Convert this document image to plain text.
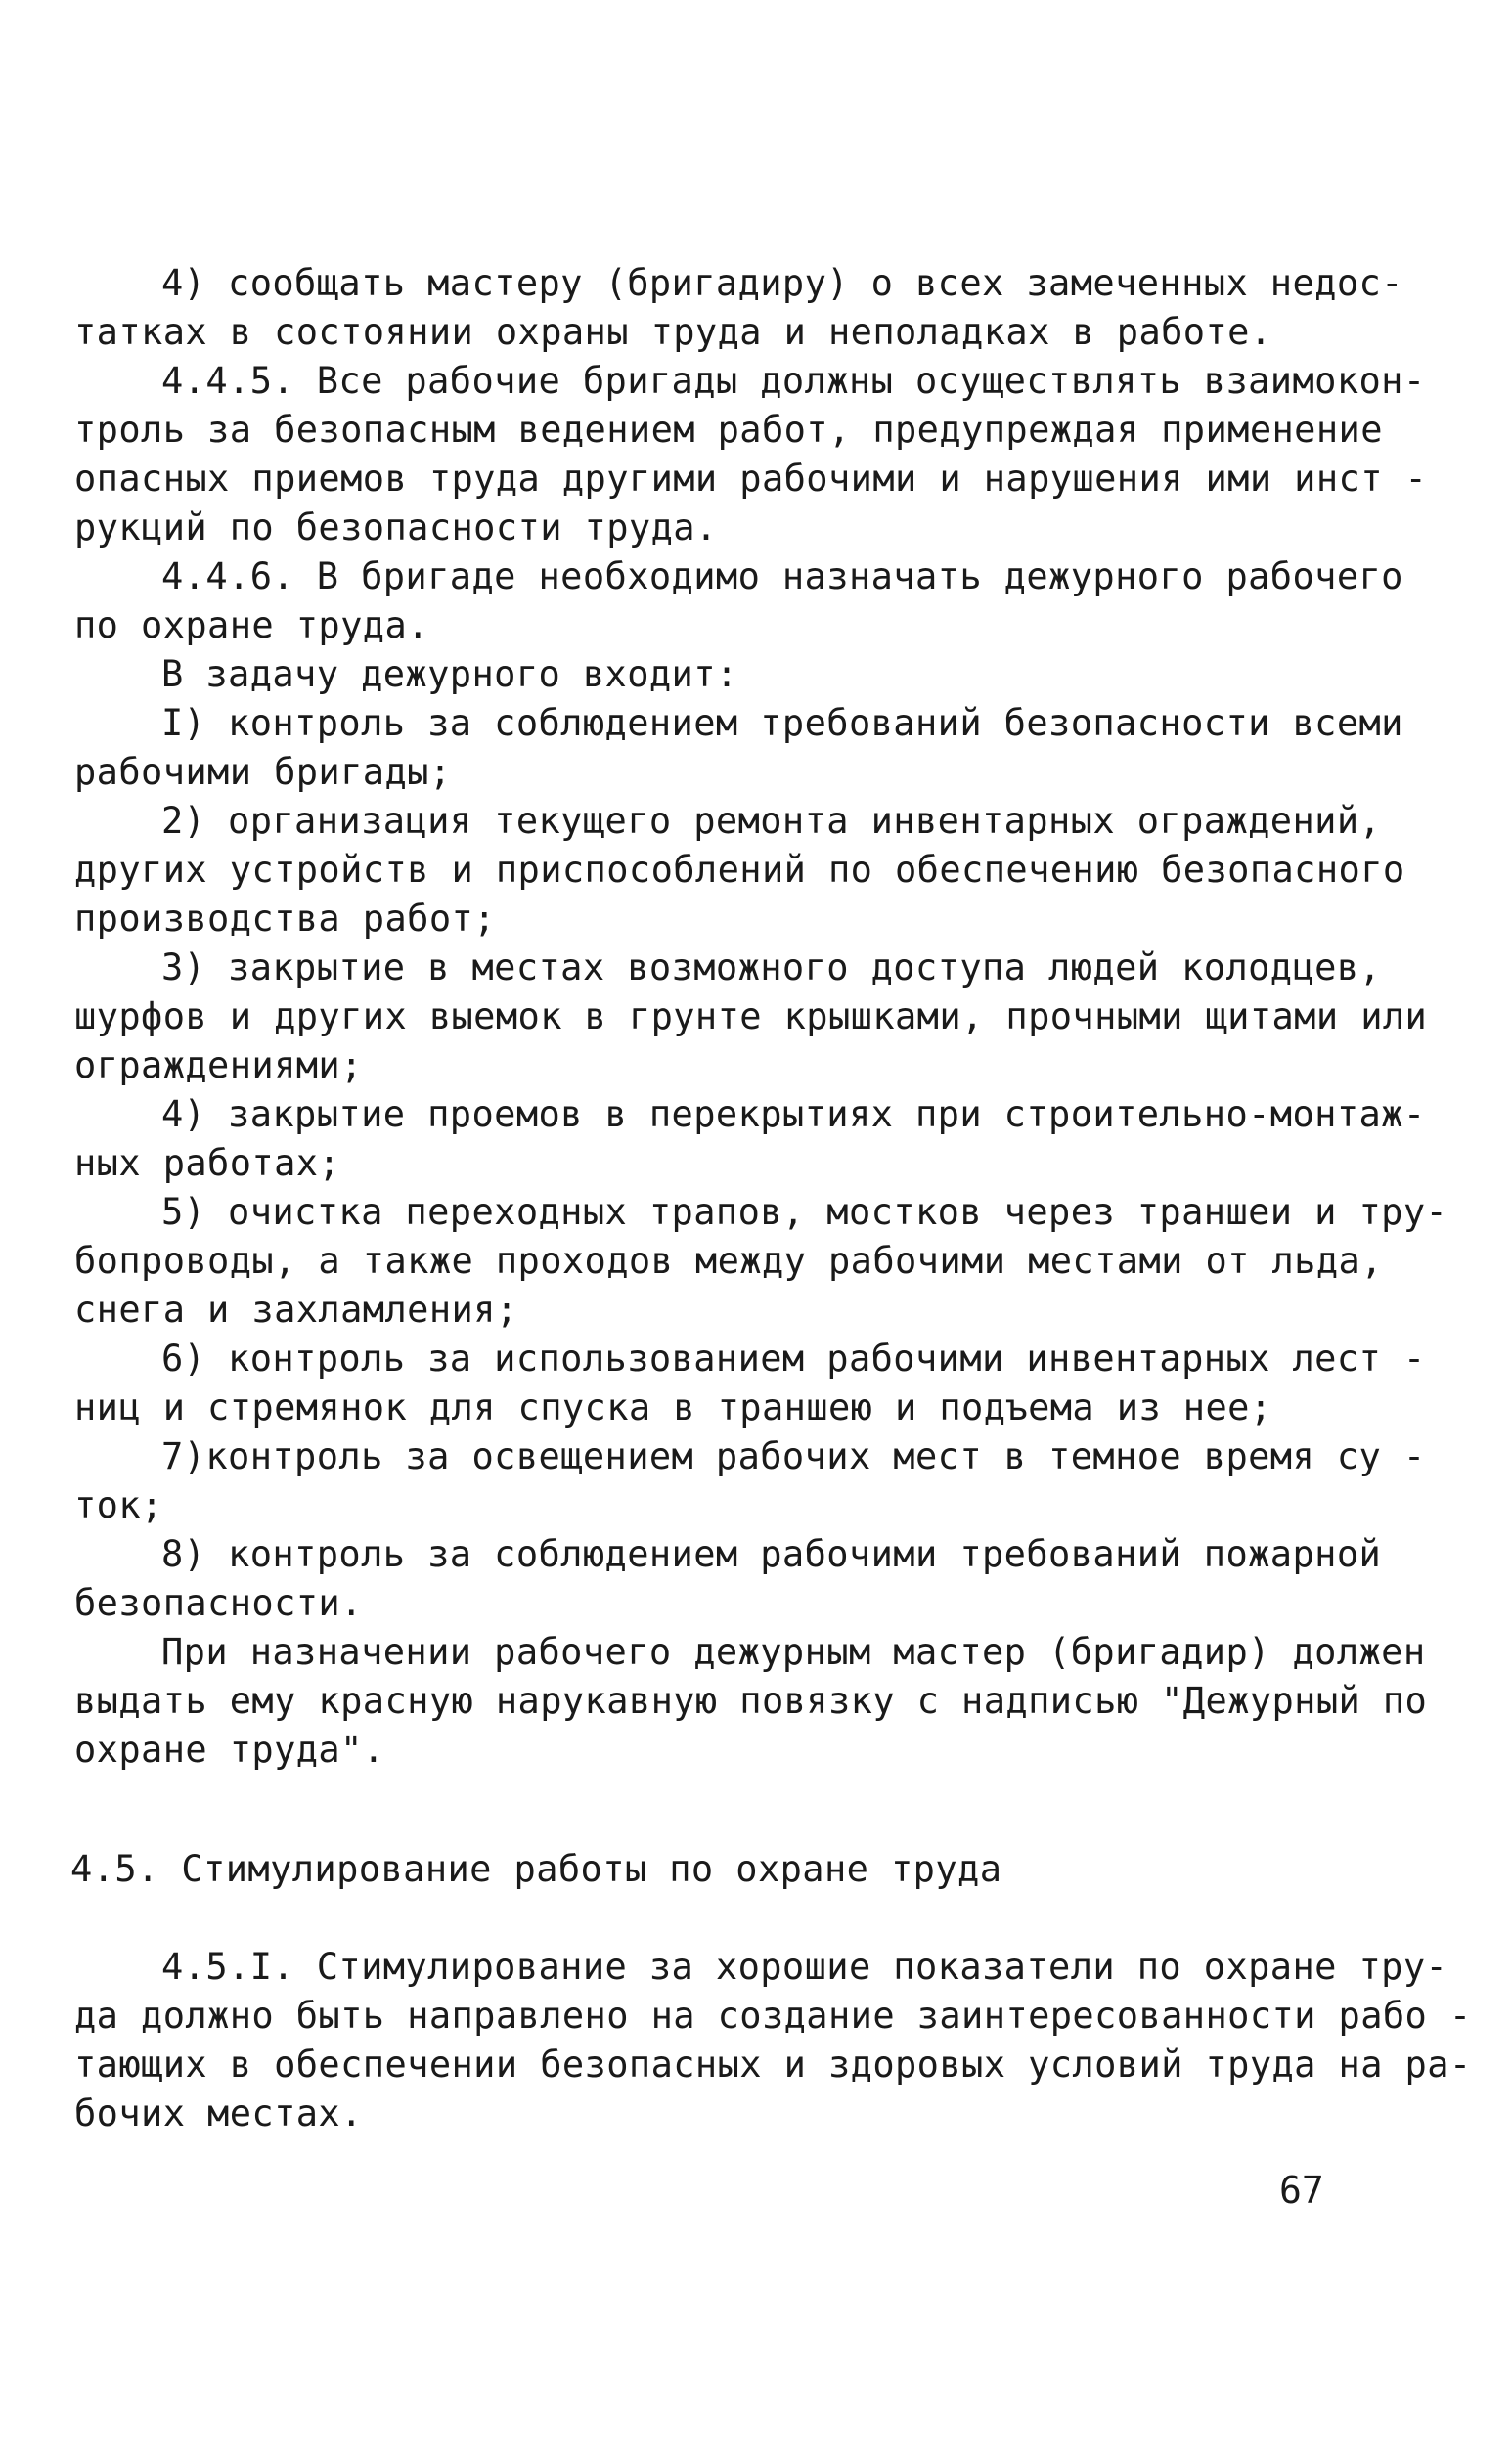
4) сообщать мастеру (бригадиру) о всех замеченных недос-
татках в состоянии охраны труда и неполадках в работе.
4.4.5. Все рабочие бригады должны осуществлять взаимокон-
троль за безопасным ведением работ, предупреждая применение
опасных приемов труда другими рабочими и нарушения ими инст -
рукций по безопасности труда.
4.4.6. В бригаде необходимо назначать дежурного рабочего
по охране труда.
В задачу дежурного входит:
I) контроль за соблюдением требований безопасности всеми
рабочими бригады;
2) организация текущего ремонта инвентарных ограждений,
других устройств и приспособлений по обеспечению безопасного
производства работ;
3) закрытие в местах возможного доступа людей колодцев,
шурфов и других выемок в грунте крышками, прочными щитами или
ограждениями;
4) закрытие проемов в перекрытиях при строительно-монтаж-
ных работах;
5) очистка переходных трапов, мостков через траншеи и тру-
бопроводы, а также проходов между рабочими местами от льда,
снега и захламления;
6) контроль за использованием рабочими инвентарных лест -
ниц и стремянок для спуска в траншею и подъема из нее;
7)контроль за освещением рабочих мест в темное время су -
ток;
8) контроль за соблюдением рабочими требований пожарной
безопасности.
При назначении рабочего дежурным мастер (бригадир) должен
выдать ему красную нарукавную повязку с надписью "Дежурный по
охране труда".
4.5. Стимулирование работы по охране труда
4.5.I. Стимулирование за хорошие показатели по охране тру-
да должно быть направлено на создание заинтересованности рабо -
тающих в обеспечении безопасных и здоровых условий труда на ра-
бочих местах.
67
